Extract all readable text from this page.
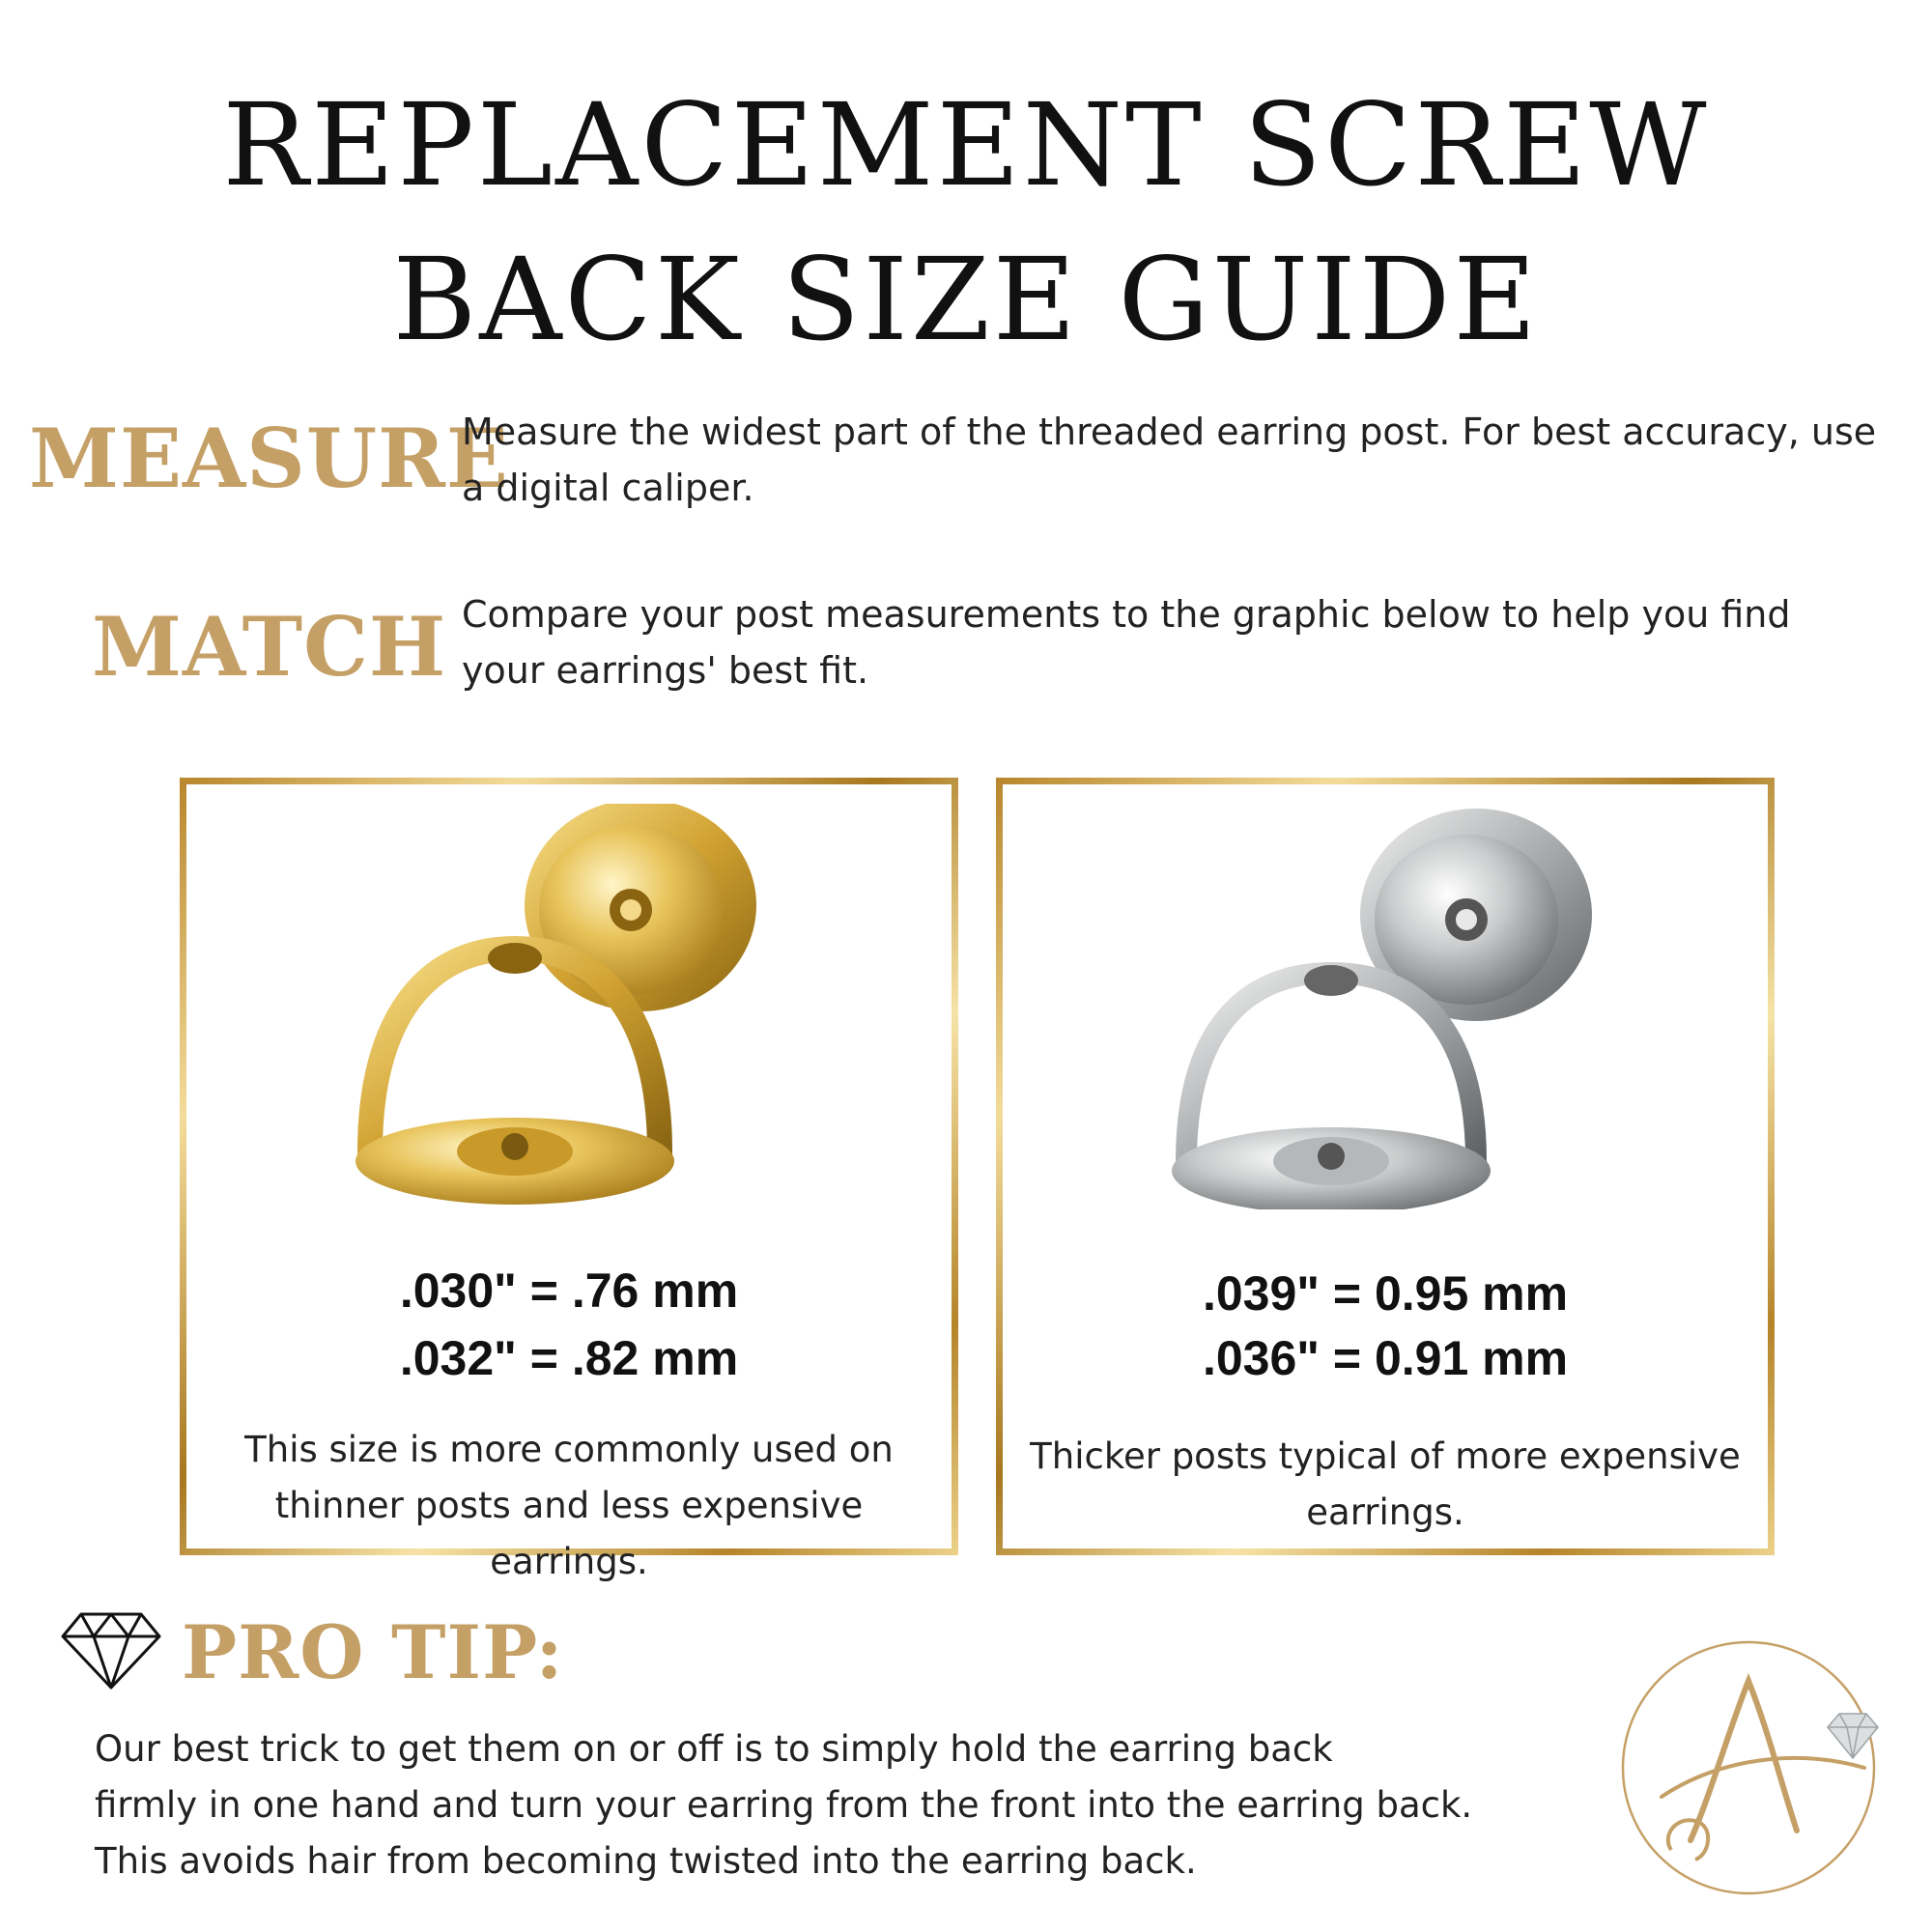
REPLACEMENT SCREW BACK SIZE GUIDE
MEASURE
Measure the widest part of the threaded earring post. For best accuracy, use a digital caliper.
MATCH Compare your post measurements to the graphic below to help you find your earrings' best fit.
.030" = .76 mm
.032" = .82 mm
This size is more commonly used on thinner posts and less expensive earrings.
.039" = 0.95 mm
.036" = 0.91 mm
Thicker posts typical of more expensive earrings.
PRO TIP:
Our best trick to get them on or off is to simply hold the earring back
firmly in one hand and turn your earring from the front into the earring back.
This avoids hair from becoming twisted into the earring back.
